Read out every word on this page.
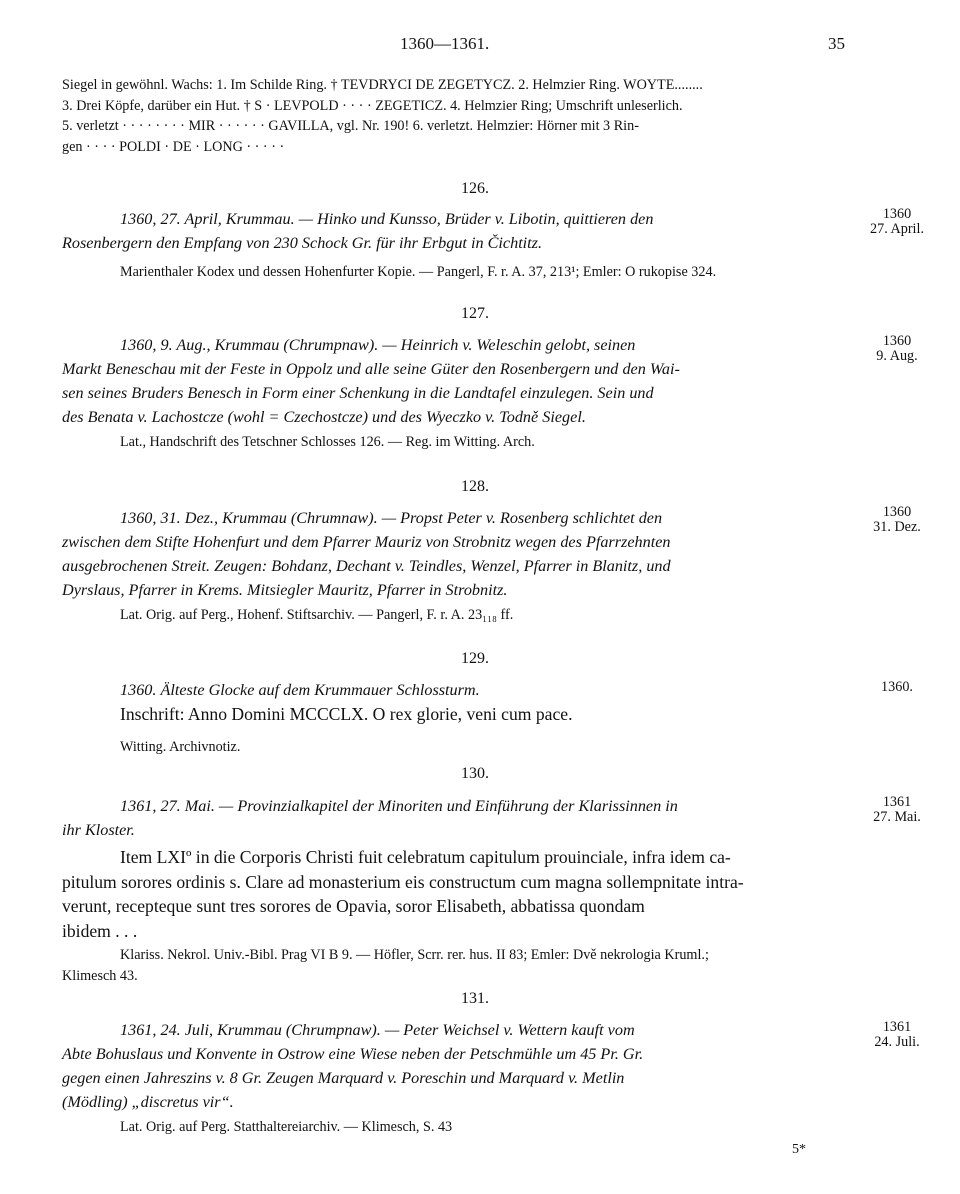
1360—1361.	35

Siegel in gewöhnl. Wachs: 1. Im Schilde Ring. † TEVDRYCI DE ZEGETYCZ. 2. Helmzier Ring. WOYTE........

3. Drei Köpfe, darüber ein Hut. † S · LEVPOLD · · · · ZEGETICZ. 4. Helmzier Ring; Umschrift unleserlich.

5. verletzt · · · · · · · · MIR · · · · · · GAVILLA, vgl. Nr. 190! 6. verletzt. Helmzier: Hörner mit 3 Rin-

gen · · · · POLDI · DE · LONG · · · · ·

126.
1360
27. April.

1360, 27. April, Krummau. — Hinko und Kunsso, Brüder v. Libotin, quittieren den

Rosenbergern den Empfang von 230 Schock Gr. für ihr Erbgut in Čichtitz.

Marienthaler Kodex und dessen Hohenfurter Kopie. — Pangerl, F. r. A. 37, 213¹; Emler: O rukopise 324.

127.
1360
9. Aug.

1360, 9. Aug., Krummau (Chrumpnaw). — Heinrich v. Weleschin gelobt, seinen

Markt Beneschau mit der Feste in Oppolz und alle seine Güter den Rosenbergern und den Wai-

sen seines Bruders Benesch in Form einer Schenkung in die Landtafel einzulegen. Sein und

des Benata v. Lachostcze (wohl = Czechostcze) und des Wyeczko v. Todně Siegel.

Lat., Handschrift des Tetschner Schlosses 126. — Reg. im Witting. Arch.

128.
1360
31. Dez.

1360, 31. Dez., Krummau (Chrumnaw). — Propst Peter v. Rosenberg schlichtet den

zwischen dem Stifte Hohenfurt und dem Pfarrer Mauriz von Strobnitz wegen des Pfarrzehnten

ausgebrochenen Streit. Zeugen: Bohdanz, Dechant v. Teindles, Wenzel, Pfarrer in Blanitz, und

Dyrslaus, Pfarrer in Krems. Mitsiegler Mauritz, Pfarrer in Strobnitz.

Lat. Orig. auf Perg., Hohenf. Stiftsarchiv. — Pangerl, F. r. A. 23₁₁₈ ff.

129.
1360.

1360. Älteste Glocke auf dem Krummauer Schlossturm.

Inschrift: Anno Domini MCCCLX. O rex glorie, veni cum pace.

Witting. Archivnotiz.

130.
1361
27. Mai.

1361, 27. Mai. — Provinzialkapitel der Minoriten und Einführung der Klarissinnen in

ihr Kloster.

Item LXIº in die Corporis Christi fuit celebratum capitulum prouinciale, infra idem ca-

pitulum sorores ordinis s. Clare ad monasterium eis constructum cum magna sollempnitate intra-

verunt, recepteque sunt tres sorores de Opavia, soror Elisabeth, abbatissa quondam

ibidem . . .

Klariss. Nekrol. Univ.-Bibl. Prag VI B 9. — Höfler, Scrr. rer. hus. II 83; Emler: Dvě nekrologia Kruml.;

Klimesch 43.

131.
1361
24. Juli.

1361, 24. Juli, Krummau (Chrumpnaw). — Peter Weichsel v. Wettern kauft vom

Abte Bohuslaus und Konvente in Ostrow eine Wiese neben der Petschmühle um 45 Pr. Gr.

gegen einen Jahreszins v. 8 Gr. Zeugen Marquard v. Poreschin und Marquard v. Metlin

(Mödling) „discretus vir“.

Lat. Orig. auf Perg. Statthaltereiarchiv. — Klimesch, S. 43

5*
